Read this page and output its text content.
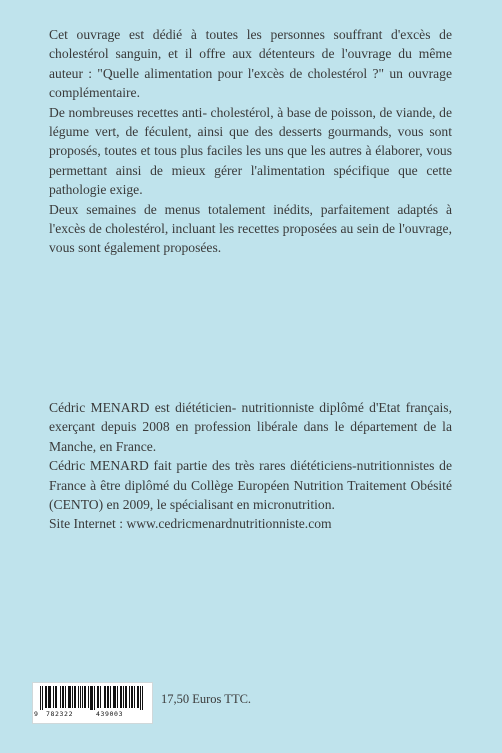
Cet ouvrage est dédié à toutes les personnes souffrant d'excès de cholestérol sanguin, et il offre aux détenteurs de l'ouvrage du même auteur : "Quelle alimentation pour l'excès de cholestérol ?" un ouvrage complémentaire.

De nombreuses recettes anti- cholestérol, à base de poisson, de viande, de légume vert, de féculent, ainsi que des desserts gourmands, vous sont proposés, toutes et tous plus faciles les uns que les autres à élaborer, vous permettant ainsi de mieux gérer l'alimentation spécifique que cette pathologie exige.

Deux semaines de menus totalement inédits, parfaitement adaptés à l'excès de cholestérol, incluant les recettes proposées au sein de l'ouvrage, vous sont également proposées.

Cédric MENARD est diététicien- nutritionniste diplômé d'Etat français, exerçant depuis 2008 en profession libérale dans le département de la Manche, en France.

Cédric MENARD fait partie des très rares diététiciens-nutritionnistes de France à être diplômé du Collège Européen Nutrition Traitement Obésité (CENTO) en 2009, le spécialisant en micronutrition.

Site Internet : www.cedricmenardnutritionniste.com

9 782322	439003
17,50 Euros TTC.
